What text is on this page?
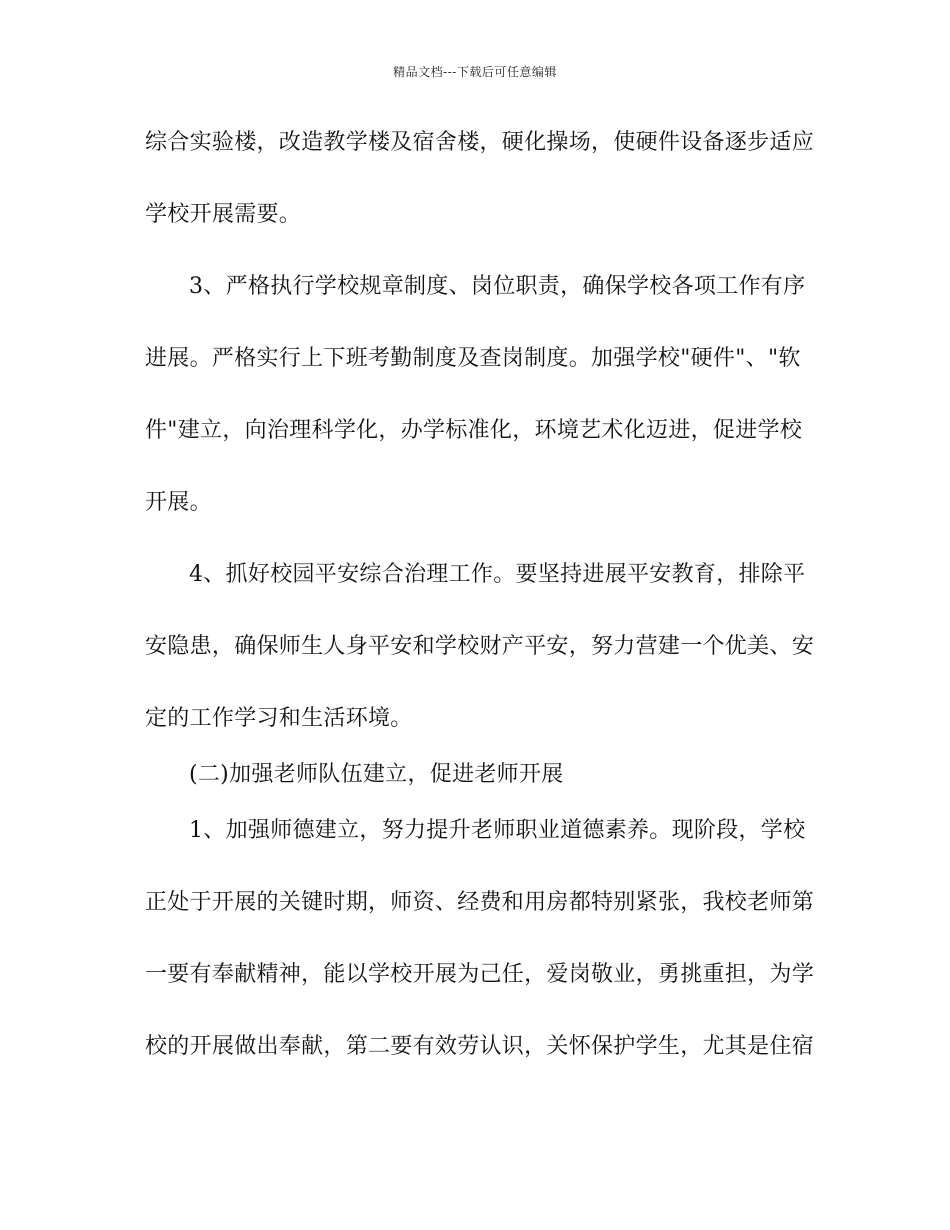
精品文档---下载后可任意编辑
综合实验楼，改造教学楼及宿舍楼，硬化操场，使硬件设备逐步适应
学校开展需要。
3、严格执行学校规章制度、岗位职责，确保学校各项工作有序
进展。严格实行上下班考勤制度及查岗制度。加强学校"硬件"、"软
件"建立，向治理科学化，办学标准化，环境艺术化迈进，促进学校
开展。
4、抓好校园平安综合治理工作。要坚持进展平安教育，排除平
安隐患，确保师生人身平安和学校财产平安，努力营建一个优美、安
定的工作学习和生活环境。
(二)加强老师队伍建立，促进老师开展
1、加强师德建立，努力提升老师职业道德素养。现阶段，学校
正处于开展的关键时期，师资、经费和用房都特别紧张，我校老师第
一要有奉献精神，能以学校开展为己任，爱岗敬业，勇挑重担，为学
校的开展做出奉献，第二要有效劳认识，关怀保护学生，尤其是住宿
